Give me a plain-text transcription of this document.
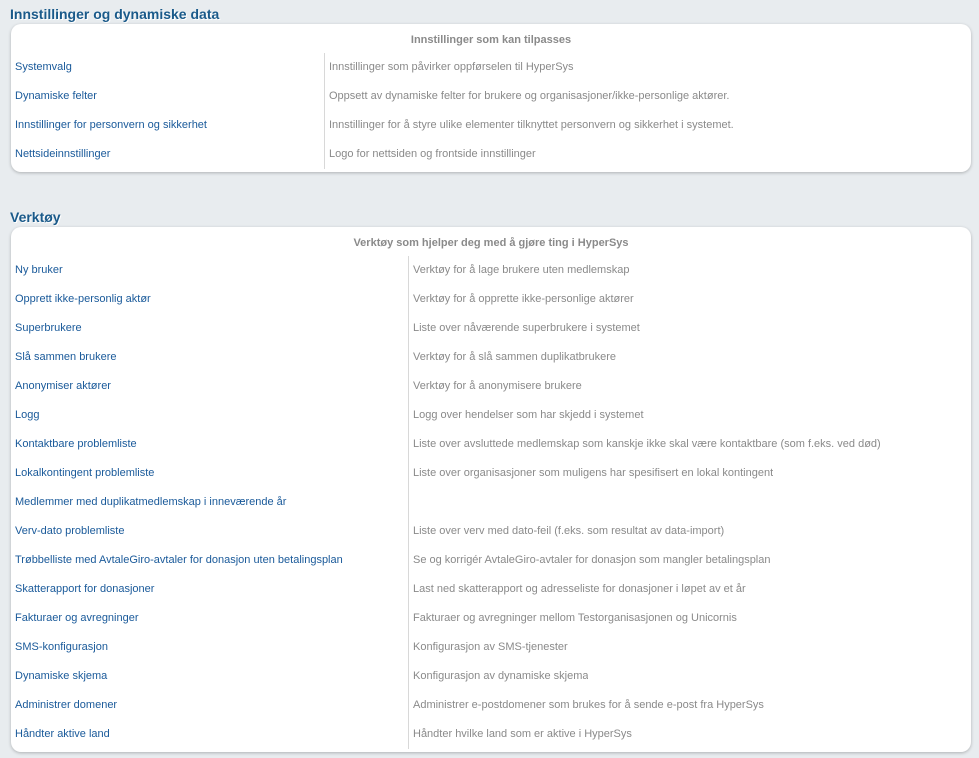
Innstillinger og dynamiske data
Innstillinger som kan tilpasses
Systemvalg	Innstillinger som påvirker oppførselen til HyperSys
Dynamiske felter	Oppsett av dynamiske felter for brukere og organisasjoner/ikke-personlige aktører.
Innstillinger for personvern og sikkerhet	Innstillinger for å styre ulike elementer tilknyttet personvern og sikkerhet i systemet.
Nettsideinnstillinger	Logo for nettsiden og frontside innstillinger
Verktøy
Verktøy som hjelper deg med å gjøre ting i HyperSys
Ny bruker	Verktøy for å lage brukere uten medlemskap
Opprett ikke-personlig aktør	Verktøy for å opprette ikke-personlige aktører
Superbrukere	Liste over nåværende superbrukere i systemet
Slå sammen brukere	Verktøy for å slå sammen duplikatbrukere
Anonymiser aktører	Verktøy for å anonymisere brukere
Logg	Logg over hendelser som har skjedd i systemet
Kontaktbare problemliste	Liste over avsluttede medlemskap som kanskje ikke skal være kontaktbare (som f.eks. ved død)
Lokalkontingent problemliste	Liste over organisasjoner som muligens har spesifisert en lokal kontingent
Medlemmer med duplikatmedlemskap i inneværende år
Verv-dato problemliste	Liste over verv med dato-feil (f.eks. som resultat av data-import)
Trøbbelliste med AvtaleGiro-avtaler for donasjon uten betalingsplan	Se og korrigér AvtaleGiro-avtaler for donasjon som mangler betalingsplan
Skatterapport for donasjoner	Last ned skatterapport og adresseliste for donasjoner i løpet av et år
Fakturaer og avregninger	Fakturaer og avregninger mellom Testorganisasjonen og Unicornis
SMS-konfigurasjon	Konfigurasjon av SMS-tjenester
Dynamiske skjema	Konfigurasjon av dynamiske skjema
Administrer domener	Administrer e-postdomener som brukes for å sende e-post fra HyperSys
Håndter aktive land	Håndter hvilke land som er aktive i HyperSys
